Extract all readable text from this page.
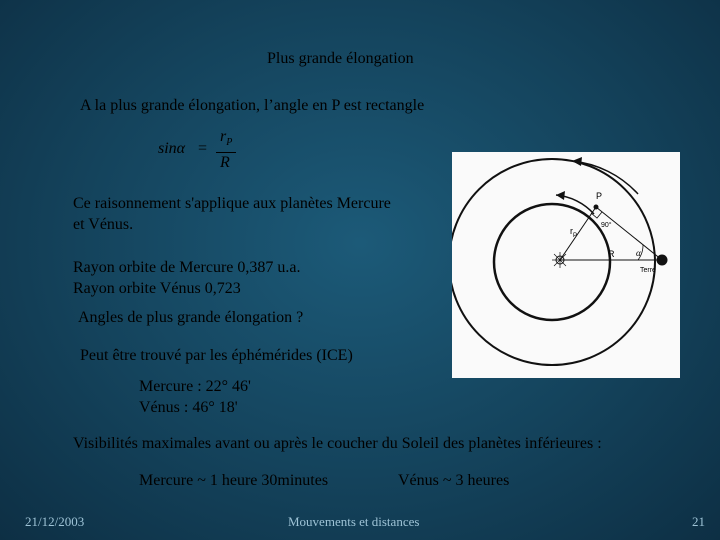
Plus grande élongation
A la plus grande élongation, l’angle en P est rectangle
sinα =
$r_P$
R
Ce raisonnement s'applique aux planètes Mercure
et Vénus.
Rayon orbite de Mercure 0,387 u.a.
Rayon orbite Vénus 0,723
Angles de plus grande élongation ?
Peut être trouvé par les éphémérides (ICE)
Mercure : 22° 46'
Vénus : 46° 18'
Visibilités maximales avant ou après le coucher du Soleil des planètes inférieures :
Mercure ~ 1 heure 30minutes	Vénus ~ 3 heures
P
$r_P$
90°
R α
Terre
21/12/2003	Mouvements et distances	21
